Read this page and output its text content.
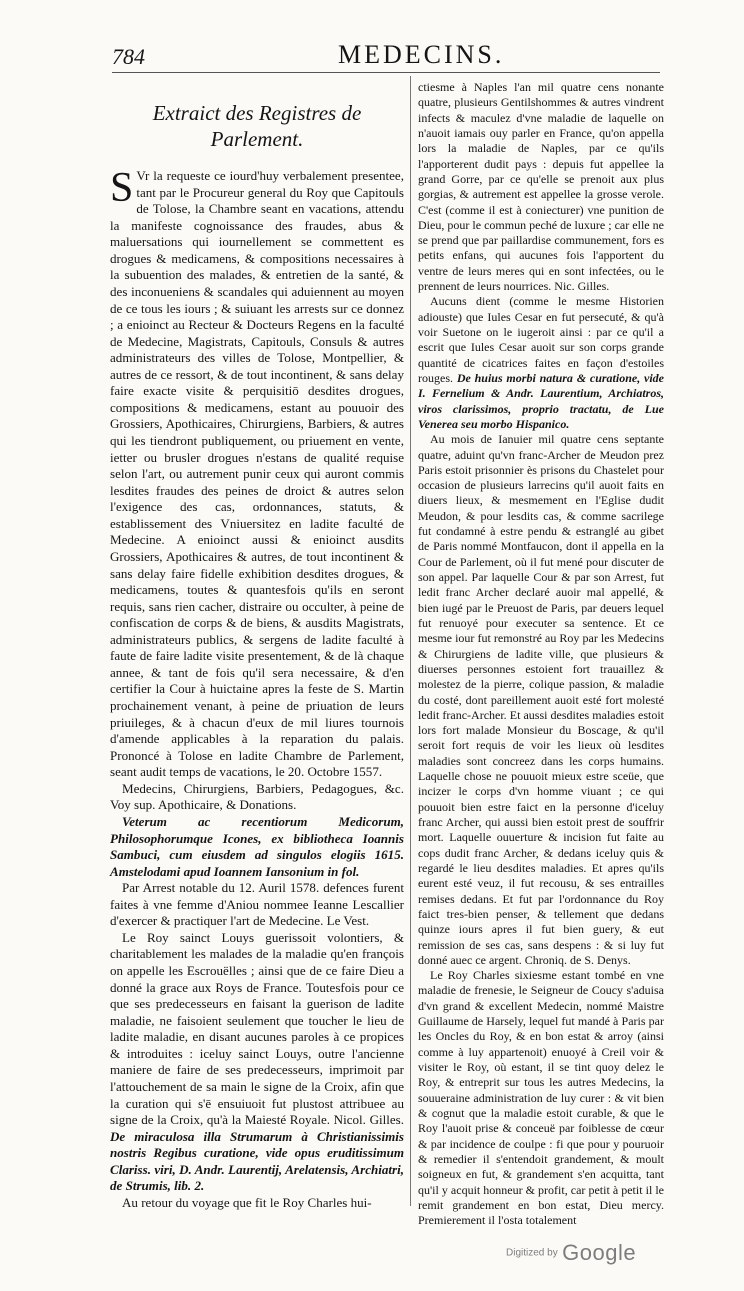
784	MEDECINS.

Extraict des Registres de Parlement.

S Vr la requeste ce iourd'huy verbalement presentee, tant par le Procureur general du Roy que Capitouls de Tolose, la Chambre seant en vacations, attendu la manifeste cognoissance des fraudes, abus & maluersations qui iournellement se commettent es drogues & medicamens, & compositions necessaires à la subuention des malades, & entretien de la santé, & des inconueniens & scandales qui aduiennent au moyen de ce tous les iours ; & suiuant les arrests sur ce donnez ; a enioinct au Recteur & Docteurs Regens en la faculté de Medecine, Magistrats, Capitouls, Consuls & autres administrateurs des villes de Tolose, Montpellier, & autres de ce ressort, & de tout incontinent, & sans delay faire exacte visite & perquisitiō desdites drogues, compositions & medicamens, estant au pouuoir des Grossiers, Apothicaires, Chirurgiens, Barbiers, & autres qui les tiendront publiquement, ou priuement en vente, ietter ou brusler drogues n'estans de qualité requise selon l'art, ou autrement punir ceux qui auront commis lesdites fraudes des peines de droict & autres selon l'exigence des cas, ordonnances, statuts, & establissement des Vniuersitez en ladite faculté de Medecine. A enioinct aussi & enioinct ausdits Grossiers, Apothicaires & autres, de tout incontinent & sans delay faire fidelle exhibition desdites drogues, & medicamens, toutes & quantesfois qu'ils en seront requis, sans rien cacher, distraire ou occulter, à peine de confiscation de corps & de biens, & ausdits Magistrats, administrateurs publics, & sergens de ladite faculté à faute de faire ladite visite presentement, & de là chaque annee, & tant de fois qu'il sera necessaire, & d'en certifier la Cour à huictaine apres la feste de S. Martin prochainement venant, à peine de priuation de leurs priuileges, & à chacun d'eux de mil liures tournois d'amende applicables à la reparation du palais. Prononcé à Tolose en ladite Chambre de Parlement, seant audit temps de vacations, le 20. Octobre 1557.

Medecins, Chirurgiens, Barbiers, Pedagogues, &c. Voy sup. Apothicaire, & Donations.

Veterum ac recentiorum Medicorum, Philosophorumque Icones, ex bibliotheca Ioannis Sambuci, cum eiusdem ad singulos elogiis 1615. Amstelodami apud Ioannem Iansonium in fol.

Par Arrest notable du 12. Auril 1578. defences furent faites à vne femme d'Aniou nommee Ieanne Lescallier d'exercer & practiquer l'art de Medecine. Le Vest.

Le Roy sainct Louys guerissoit volontiers, & charitablement les malades de la maladie qu'en françois on appelle les Escrouëlles ; ainsi que de ce faire Dieu a donné la grace aux Roys de France. Toutesfois pour ce que ses predecesseurs en faisant la guerison de ladite maladie, ne faisoient seulement que toucher le lieu de ladite maladie, en disant aucunes paroles à ce propices & introduites : iceluy sainct Louys, outre l'ancienne maniere de faire de ses predecesseurs, imprimoit par l'attouchement de sa main le signe de la Croix, afin que la curation qui s'ē ensuiuoit fut plustost attribuee au signe de la Croix, qu'à la Maiesté Royale. Nicol. Gilles. De miraculosa illa Strumarum à Christianissimis nostris Regibus curatione, vide opus eruditissimum Clariss. viri, D. Andr. Laurentij, Arelatensis, Archiatri, de Strumis, lib. 2.

Au retour du voyage que fit le Roy Charles hui-

ctiesme à Naples l'an mil quatre cens nonante quatre, plusieurs Gentilshommes & autres vindrent infects & maculez d'vne maladie de laquelle on n'auoit iamais ouy parler en France, qu'on appella lors la maladie de Naples, par ce qu'ils l'apporterent dudit pays : depuis fut appellee la grand Gorre, par ce qu'elle se prenoit aux plus gorgias, & autrement est appellee la grosse verole. C'est (comme il est à coniecturer) vne punition de Dieu, pour le commun peché de luxure ; car elle ne se prend que par paillardise communement, fors es petits enfans, qui aucunes fois l'apportent du ventre de leurs meres qui en sont infectées, ou le prennent de leurs nourrices. Nic. Gilles.

Aucuns dient (comme le mesme Historien adiouste) que Iules Cesar en fut persecuté, & qu'à voir Suetone on le iugeroit ainsi : par ce qu'il a escrit que Iules Cesar auoit sur son corps grande quantité de cicatrices faites en façon d'estoiles rouges. De huius morbi natura & curatione, vide I. Fernelium & Andr. Laurentium, Archiatros, viros clarissimos, proprio tractatu, de Lue Venerea seu morbo Hispanico.

Au mois de Ianuier mil quatre cens septante quatre, aduint qu'vn franc-Archer de Meudon prez Paris estoit prisonnier ès prisons du Chastelet pour occasion de plusieurs larrecins qu'il auoit faits en diuers lieux, & mesmement en l'Eglise dudit Meudon, & pour lesdits cas, & comme sacrilege fut condamné à estre pendu & estranglé au gibet de Paris nommé Montfaucon, dont il appella en la Cour de Parlement, où il fut mené pour discuter de son appel. Par laquelle Cour & par son Arrest, fut ledit franc Archer declaré auoir mal appellé, & bien iugé par le Preuost de Paris, par deuers lequel fut renuoyé pour executer sa sentence. Et ce mesme iour fut remonstré au Roy par les Medecins & Chirurgiens de ladite ville, que plusieurs & diuerses personnes estoient fort trauaillez & molestez de la pierre, colique passion, & maladie du costé, dont pareillement auoit esté fort molesté ledit franc-Archer. Et aussi desdites maladies estoit lors fort malade Monsieur du Boscage, & qu'il seroit fort requis de voir les lieux où lesdites maladies sont concreez dans les corps humains. Laquelle chose ne pouuoit mieux estre sceüe, que incizer le corps d'vn homme viuant ; ce qui pouuoit bien estre faict en la personne d'iceluy franc Archer, qui aussi bien estoit prest de souffrir mort. Laquelle ouuerture & incision fut faite au cops dudit franc Archer, & dedans iceluy quis & regardé le lieu desdites maladies. Et apres qu'ils eurent esté veuz, il fut recousu, & ses entrailles remises dedans. Et fut par l'ordonnance du Roy faict tres-bien penser, & tellement que dedans quinze iours apres il fut bien guery, & eut remission de ses cas, sans despens : & si luy fut donné auec ce argent. Chroniq. de S. Denys.

Le Roy Charles sixiesme estant tombé en vne maladie de frenesie, le Seigneur de Coucy s'aduisa d'vn grand & excellent Medecin, nommé Maistre Guillaume de Harsely, lequel fut mandé à Paris par les Oncles du Roy, & en bon estat & arroy (ainsi comme à luy appartenoit) enuoyé à Creil voir & visiter le Roy, où estant, il se tint quoy delez le Roy, & entreprit sur tous les autres Medecins, la souueraine administration de luy curer : & vit bien & cognut que la maladie estoit curable, & que le Roy l'auoit prise & conceuë par foiblesse de cœur & par incidence de coulpe : fi que pour y pouruoir & remedier il s'entendoit grandement, & moult soigneux en fut, & grandement s'en acquitta, tant qu'il y acquit honneur & profit, car petit à petit il le remit grandement en bon estat, Dieu mercy. Premierement il l'osta totalement

Digitized by Google
